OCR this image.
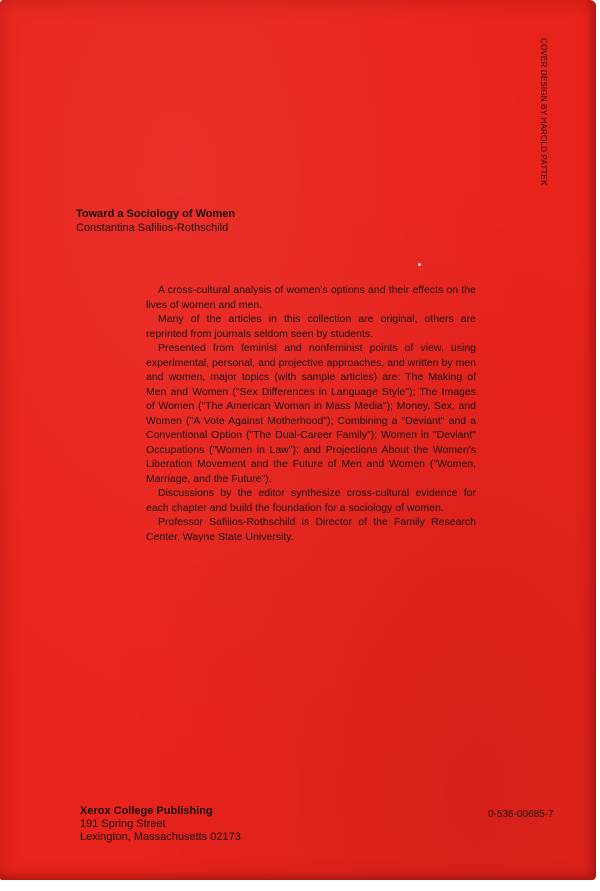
COVER DESIGN BY HAROLD PATTEK

Toward a Sociology of Women

Constantina Safilios-Rothschild

A cross-cultural analysis of women's options and their effects on the lives of women and men.

Many of the articles in this collection are original, others are reprinted from journals seldom seen by students.

Presented from feminist and nonfeminist points of view, using experimental, personal, and projective approaches, and written by men and women, major topics (with sample articles) are: The Making of Men and Women ("Sex Differences in Language Style"); The Images of Women ("The American Woman in Mass Media"); Money, Sex, and Women ("A Vote Against Motherhood"); Combining a "Deviant" and a Conventional Option ("The Dual-Career Family"); Women in "Deviant" Occupations ("Women in Law"); and Projections About the Women's Liberation Movement and the Future of Men and Women ("Women, Marriage, and the Future").

Discussions by the editor synthesize cross-cultural evidence for each chapter and build the foundation for a sociology of women.

Professor Safilios-Rothschild is Director of the Family Research Center, Wayne State University.

Xerox College Publishing
191 Spring Street
Lexington, Massachusetts 02173
0-536-00685-7
